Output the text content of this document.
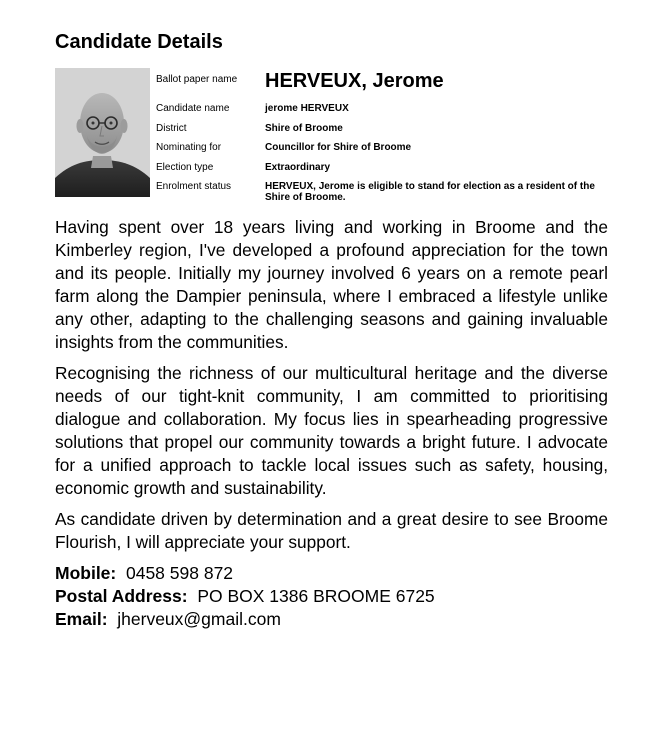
Candidate Details
Ballot paper name	HERVEUX, Jerome
Candidate name	jerome HERVEUX
District	Shire of Broome
Nominating for	Councillor for Shire of Broome
Election type	Extraordinary
Enrolment status	HERVEUX, Jerome is eligible to stand for election as a resident of the Shire of Broome.

Having spent over 18 years living and working in Broome and the Kimberley region, I've developed a profound appreciation for the town and its people. Initially my journey involved 6 years on a remote pearl farm along the Dampier peninsula, where I embraced a lifestyle unlike any other, adapting to the challenging seasons and gaining invaluable insights from the communities.

Recognising the richness of our multicultural heritage and the diverse needs of our tight-knit community, I am committed to prioritising dialogue and collaboration. My focus lies in spearheading progressive solutions that propel our community towards a bright future. I advocate for a unified approach to tackle local issues such as safety, housing, economic growth and sustainability.

As candidate driven by determination and a great desire to see Broome Flourish, I will appreciate your support.

Mobile: 0458 598 872
Postal Address: PO BOX 1386 BROOME 6725
Email: jherveux@gmail.com
